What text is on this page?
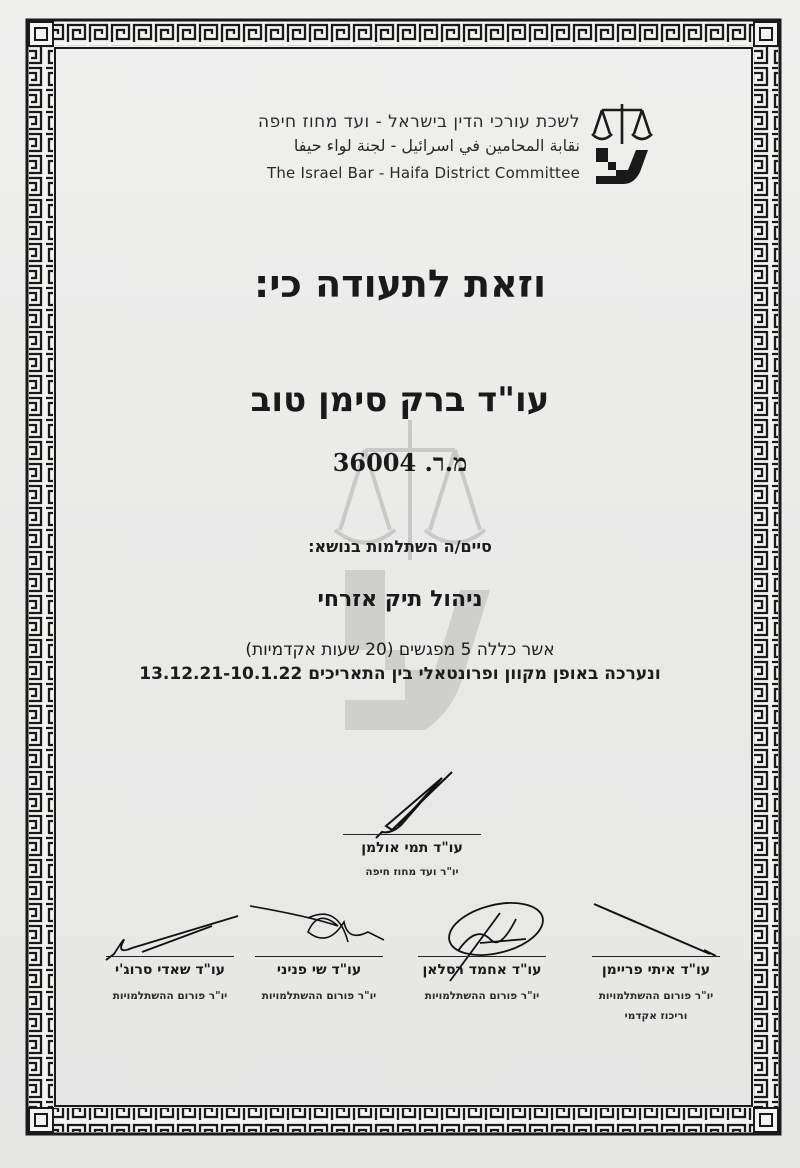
לשכת עורכי הדין בישראל - ועד מחוז חיפה
نقابة المحامين في اسرائيل - لجنة لواء حيفا
The Israel Bar - Haifa District Committee
וזאת לתעודה כי:
עו"ד ברק סימן טוב
מ.ר. 36004
סיים/ה השתלמות בנושא:
ניהול תיק אזרחי
אשר כללה 5 מפגשים (20 שעות אקדמיות)
ונערכה באופן מקוון ופרונטאלי בין התאריכים 13.12.21-10.1.22
עו"ד תמי אולמן
יו"ר ועד מחוז חיפה
עו"ד איתי פריימן
יו"ר פורום ההשתלמויות
וריכוז אקדמי
עו"ד אחמד רסלאן
יו"ר פורום ההשתלמויות
עו"ד שי פניני
יו"ר פורום ההשתלמויות
עו"ד שאדי סרוג'י
יו"ר פורום ההשתלמויות
